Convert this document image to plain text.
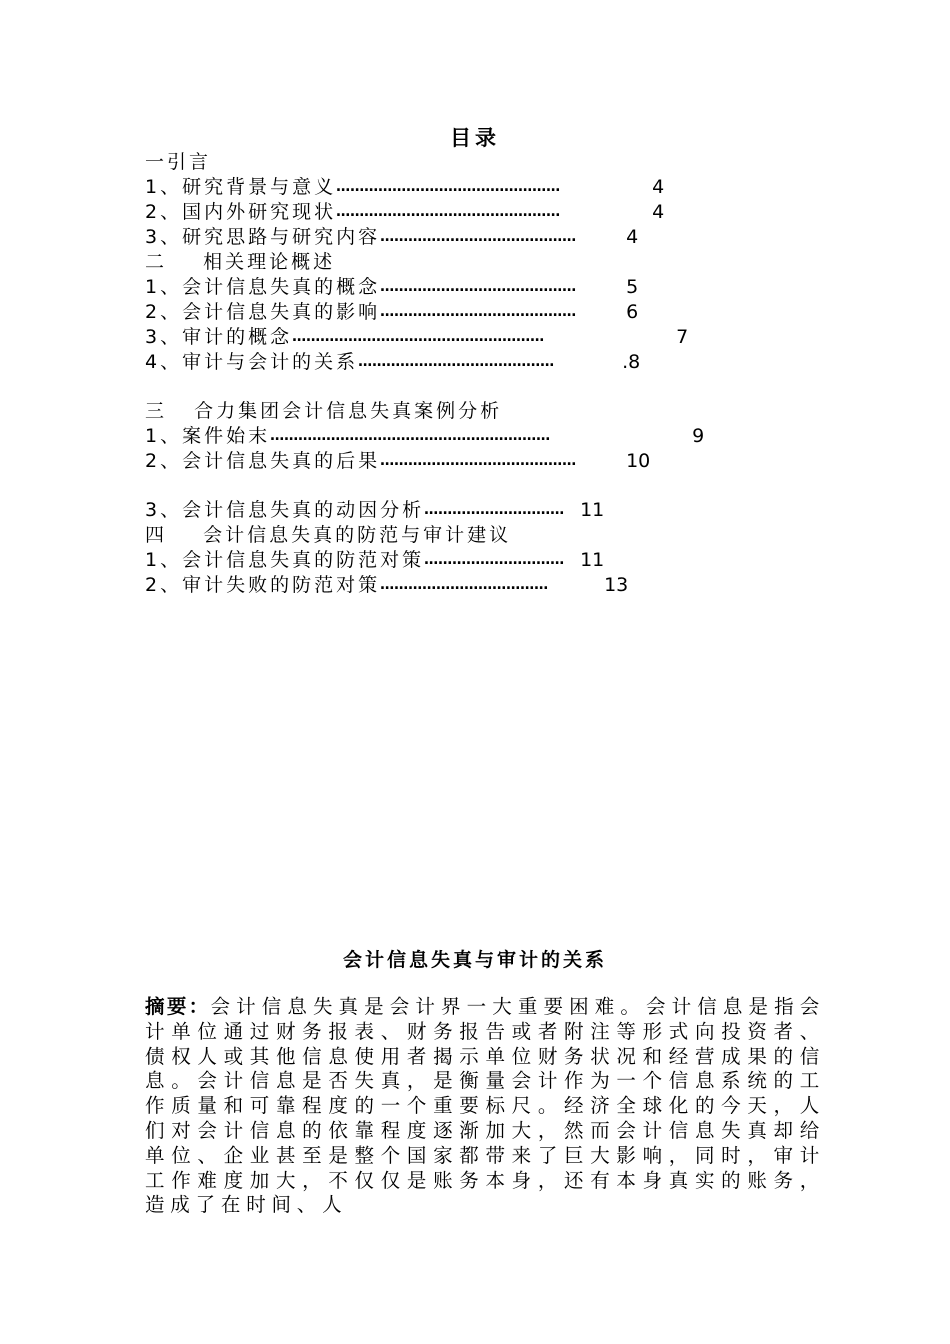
目录
一引言
1、研究背景与意义…………………………………………	4
2、国内外研究现状…………………………………………	4
3、研究思路与研究内容……………………………………	4
二    相关理论概述
1、会计信息失真的概念……………………………………	5
2、会计信息失真的影响……………………………………	6
3、审计的概念………………………………………………	7
4、审计与会计的关系……………………………………	.8
三   合力集团会计信息失真案例分析
1、案件始末……………………………………………………	9
2、会计信息失真的后果……………………………………	10
3、会计信息失真的动因分析………………………… 11
四    会计信息失真的防范与审计建议
1、会计信息失真的防范对策………………………… 11
2、审计失败的防范对策………………………………	13
会计信息失真与审计的关系
摘要：会计信息失真是会计界一大重要困难。会计信息是指会计单位通过财务报表、财务报告或者附注等形式向投资者、债权人或其他信息使用者揭示单位财务状况和经营成果的信息。会计信息是否失真，是衡量会计作为一个信息系统的工作质量和可靠程度的一个重要标尺。经济全球化的今天，人们对会计信息的依靠程度逐渐加大，然而会计信息失真却给单位、企业甚至是整个国家都带来了巨大影响，同时，审计工作难度加大，不仅仅是账务本身，还有本身真实的账务，造成了在时间、人
